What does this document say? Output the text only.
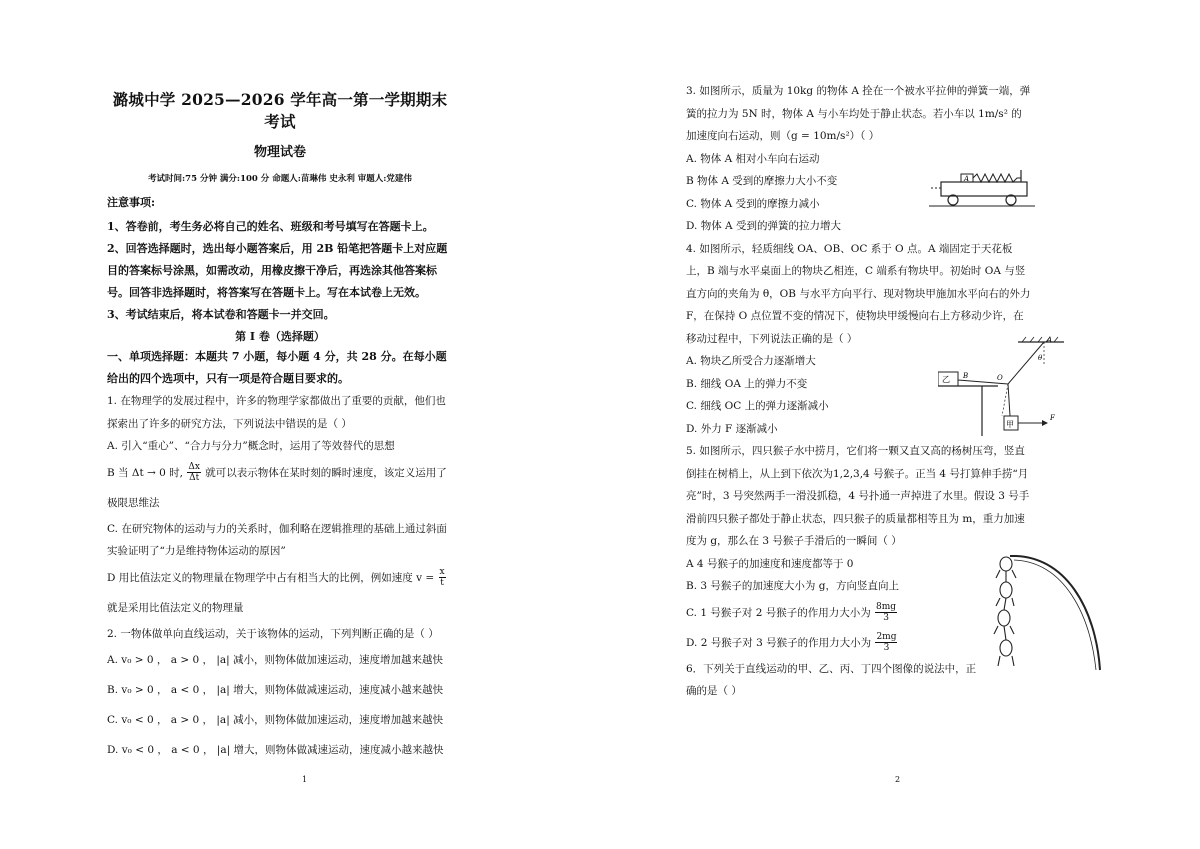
潞城中学 2025—2026 学年高一第一学期期末考试

物理试卷

考试时间:75 分钟 满分:100 分 命题人:苗琳伟 史永利 审题人:党建伟

注意事项:

1、答卷前，考生务必将自己的姓名、班级和考号填写在答题卡上。

2、回答选择题时，选出每小题答案后，用 2B 铅笔把答题卡上对应题目的答案标号涂黑，如需改动，用橡皮擦干净后，再选涂其他答案标号。回答非选择题时，将答案写在答题卡上。写在本试卷上无效。

3、考试结束后，将本试卷和答题卡一并交回。

第 I 卷（选择题）

一、单项选择题：本题共 7 小题，每小题 4 分，共 28 分。在每小题给出的四个选项中，只有一项是符合题目要求的。

1. 在物理学的发展过程中，许多的物理学家都做出了重要的贡献，他们也探索出了许多的研究方法，下列说法中错误的是（ ）

A. 引入“重心”、“合力与分力”概念时，运用了等效替代的思想

B 当 Δt → 0 时, $\frac{\Delta x}{\Delta t}$ 就可以表示物体在某时刻的瞬时速度，该定义运用了极限思维法

C. 在研究物体的运动与力的关系时，伽利略在逻辑推理的基础上通过斜面实验证明了“力是维持物体运动的原因”

D 用比值法定义的物理量在物理学中占有相当大的比例，例如速度 $v = \frac{x}{t}$
就是采用比值法定义的物理量

2. 一物体做单向直线运动，关于该物体的运动，下列判断正确的是（ ）

A. v₀ > 0 ， a > 0 ， |a| 减小，则物体做加速运动，速度增加越来越快

B. v₀ > 0 ， a < 0 ， |a| 增大，则物体做减速运动，速度减小越来越快

C. v₀ < 0 ， a > 0 ， |a| 减小，则物体做加速运动，速度增加越来越快

D. v₀ < 0 ， a < 0 ， |a| 增大，则物体做减速运动，速度减小越来越快

1

3. 如图所示，质量为 10kg 的物体 A 拴在一个被水平拉伸的弹簧一端，弹簧的拉力为 5N 时，物体 A 与小车均处于静止状态。若小车以 1m/s² 的加速度向右运动，则（g = 10m/s²）（ ）

A. 物体 A 相对小车向右运动

B 物体 A 受到的摩擦力大小不变

C. 物体 A 受到的摩擦力减小

D. 物体 A 受到的弹簧的拉力增大

4. 如图所示，轻质细线 OA、OB、OC 系于 O 点。A 端固定于天花板上，B 端与水平桌面上的物块乙相连，C 端系有物块甲。初始时 OA 与竖直方向的夹角为 θ，OB 与水平方向平行、现对物块甲施加水平向右的外力 F，在保持 O 点位置不变的情况下，使物块甲缓慢向右上方移动少许，在移动过程中，下列说法正确的是（ ）

A. 物块乙所受合力逐渐增大

B. 细线 OA 上的弹力不变

C. 细线 OC 上的弹力逐渐减小

D. 外力 F 逐渐减小

5. 如图所示，四只猴子水中捞月，它们将一颗又直又高的杨树压弯，竖直倒挂在树梢上，从上到下依次为1,2,3,4 号猴子。正当 4 号打算伸手捞“月亮”时，3 号突然两手一滑没抓稳，4 号扑通一声掉进了水里。假设 3 号手滑前四只猴子都处于静止状态，四只猴子的质量都相等且为 m，重力加速度为 g，那么在 3 号猴子手滑后的一瞬间（ ）

A 4 号猴子的加速度和速度都等于 0

B. 3 号猴子的加速度大小为 g，方向竖直向上

C. 1 号猴子对 2 号猴子的作用力大小为 $\frac{8mg}{3}$

D. 2 号猴子对 3 号猴子的作用力大小为 $\frac{2mg}{3}$

6．下列关于直线运动的甲、乙、丙、丁四个图像的说法中，正确的是（ ）

A
A
θ
乙 B	O
甲
F
2
